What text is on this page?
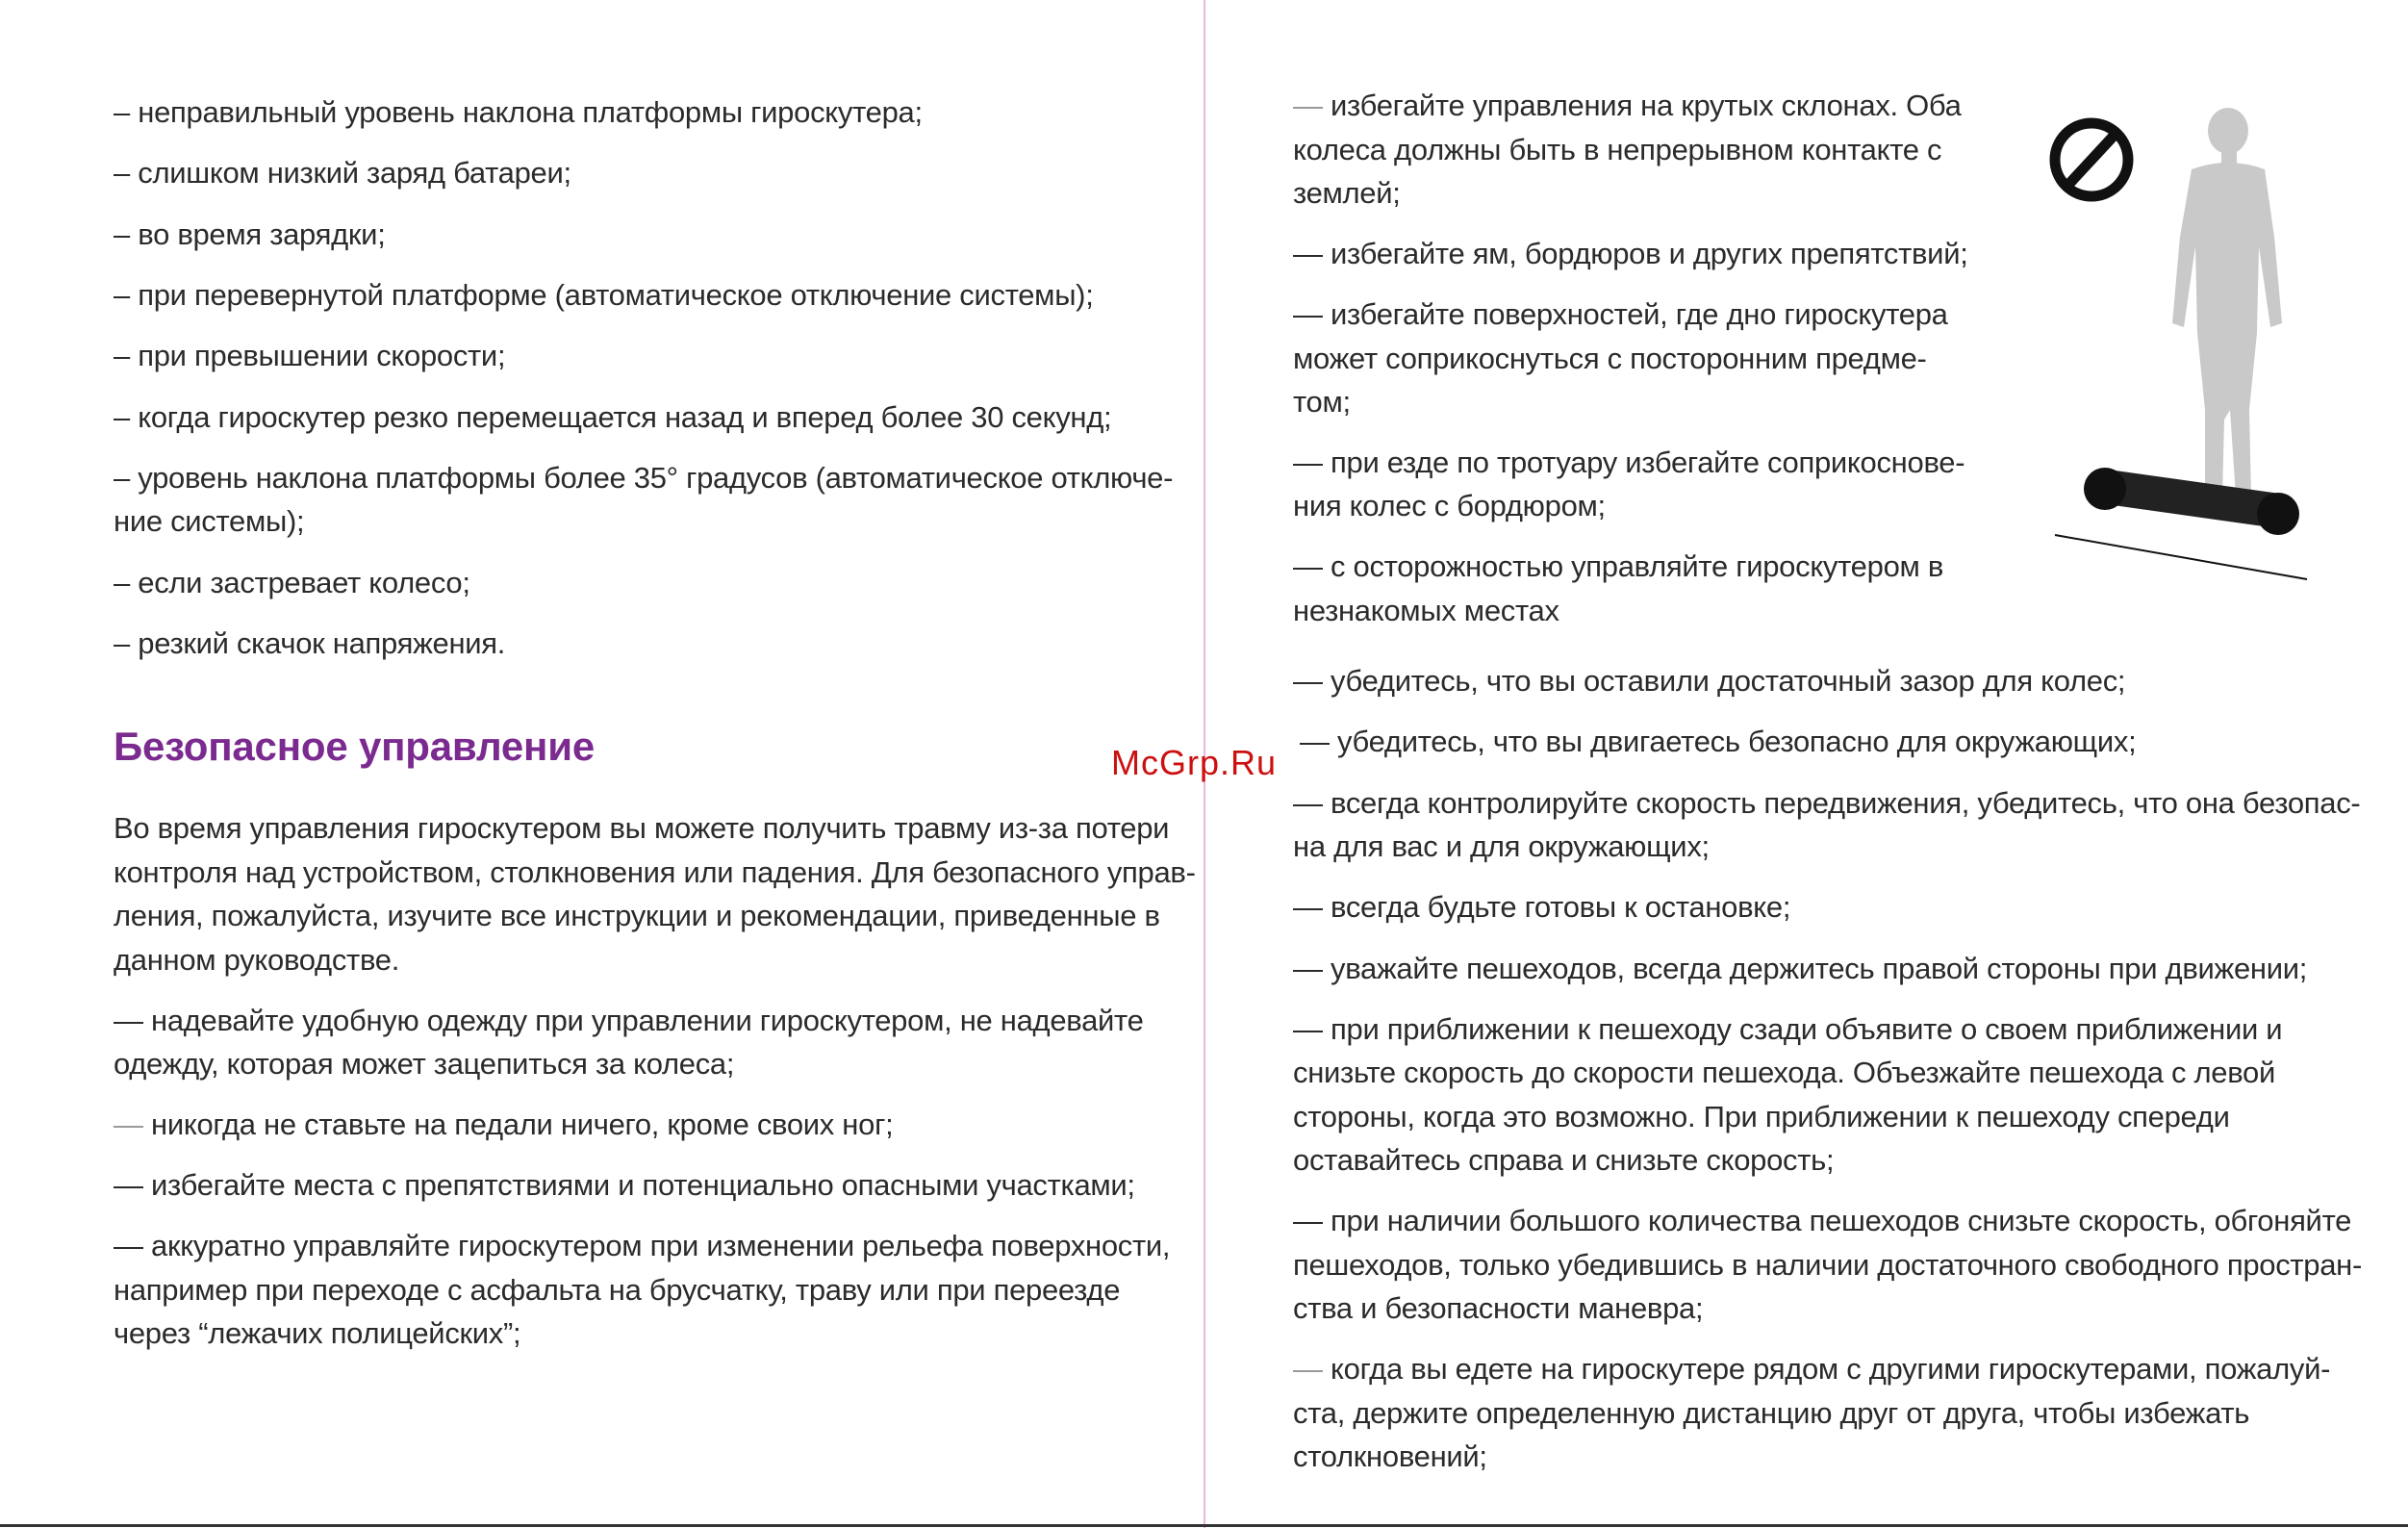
– неправильный уровень наклона платформы гироскутера;

– слишком низкий заряд батареи;

– во время зарядки;

– при перевернутой платформе (автоматическое отключение системы);

– при превышении скорости;

– когда гироскутер резко перемещается назад и вперед более 30 секунд;

– уровень наклона платформы более 35° градусов (автоматическое отключе-

ние системы);

– если застревает колесо;

– резкий скачок напряжения.

Безопасное управление

Во время управления гироскутером вы можете получить травму из-за потери

контроля над устройством, столкновения или падения. Для безопасного управ-

ления, пожалуйста, изучите все инструкции и рекомендации, приведенные в

данном руководстве.

— надевайте удобную одежду при управлении гироскутером, не надевайте

одежду, которая может зацепиться за колеса;

— никогда не ставьте на педали ничего, кроме своих ног;

— избегайте места с препятствиями и потенциально опасными участками;

— аккуратно управляйте гироскутером при изменении рельефа поверхности,

например при переходе с асфальта на брусчатку, траву или при переезде

через “лежачих полицейских”;

— избегайте управления на крутых склонах. Оба

колеса должны быть в непрерывном контакте с

землей;

— избегайте ям, бордюров и других препятствий;

— избегайте поверхностей, где дно гироскутера

может соприкоснуться с посторонним предме-

том;

— при езде по тротуару избегайте соприкоснове-

ния колес с бордюром;

— с осторожностью управляйте гироскутером в

незнакомых местах

— убедитесь, что вы оставили достаточный зазор для колес;

— убедитесь, что вы двигаетесь безопасно для окружающих;

— всегда контролируйте скорость передвижения, убедитесь, что она безопас-

на для вас и для окружающих;

— всегда будьте готовы к остановке;

— уважайте пешеходов, всегда держитесь правой стороны при движении;

— при приближении к пешеходу сзади объявите о своем приближении и

снизьте скорость до скорости пешехода. Объезжайте пешехода с левой

стороны, когда это возможно. При приближении к пешеходу спереди

оставайтесь справа и снизьте скорость;

— при наличии большого количества пешеходов снизьте скорость, обгоняйте

пешеходов, только убедившись в наличии достаточного свободного простран-

ства и безопасности маневра;

— когда вы едете на гироскутере рядом с другими гироскутерами, пожалуй-

ста, держите определенную дистанцию друг от друга, чтобы избежать

столкновений;

McGrp.Ru
